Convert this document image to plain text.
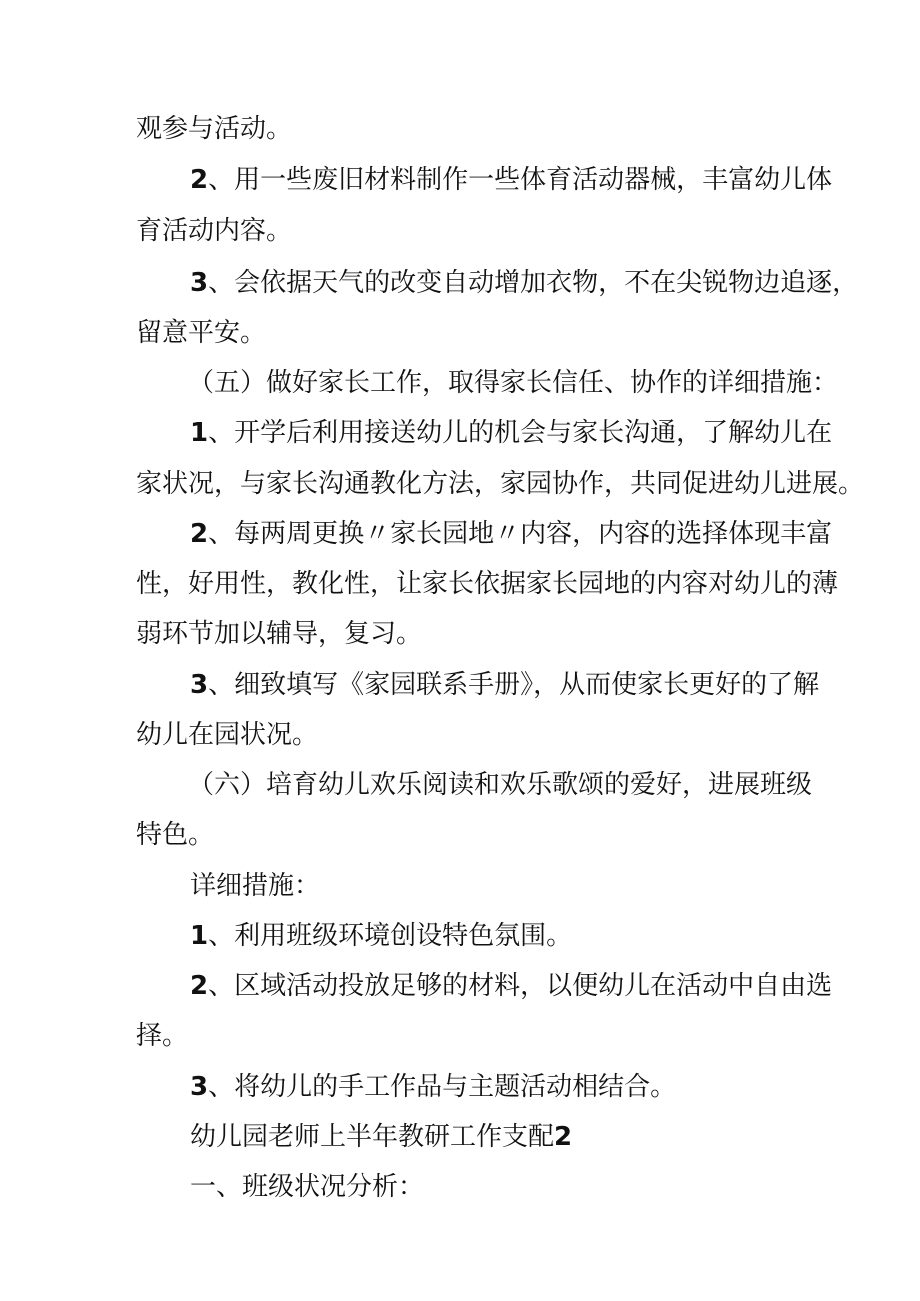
观参与活动。
2、用一些废旧材料制作一些体育活动器械，丰富幼儿体
育活动内容。
3、会依据天气的改变自动增加衣物，不在尖锐物边追逐，
留意平安。
（五）做好家长工作，取得家长信任、协作的详细措施：
1、开学后利用接送幼儿的机会与家长沟通，了解幼儿在
家状况，与家长沟通教化方法，家园协作，共同促进幼儿进展。
2、每两周更换〃家长园地〃内容，内容的选择体现丰富
性，好用性，教化性，让家长依据家长园地的内容对幼儿的薄
弱环节加以辅导，复习。
3、细致填写《家园联系手册》，从而使家长更好的了解
幼儿在园状况。
（六）培育幼儿欢乐阅读和欢乐歌颂的爱好，进展班级
特色。
详细措施：
1、利用班级环境创设特色氛围。
2、区域活动投放足够的材料，以便幼儿在活动中自由选
择。
3、将幼儿的手工作品与主题活动相结合。
幼儿园老师上半年教研工作支配2
一、班级状况分析：
